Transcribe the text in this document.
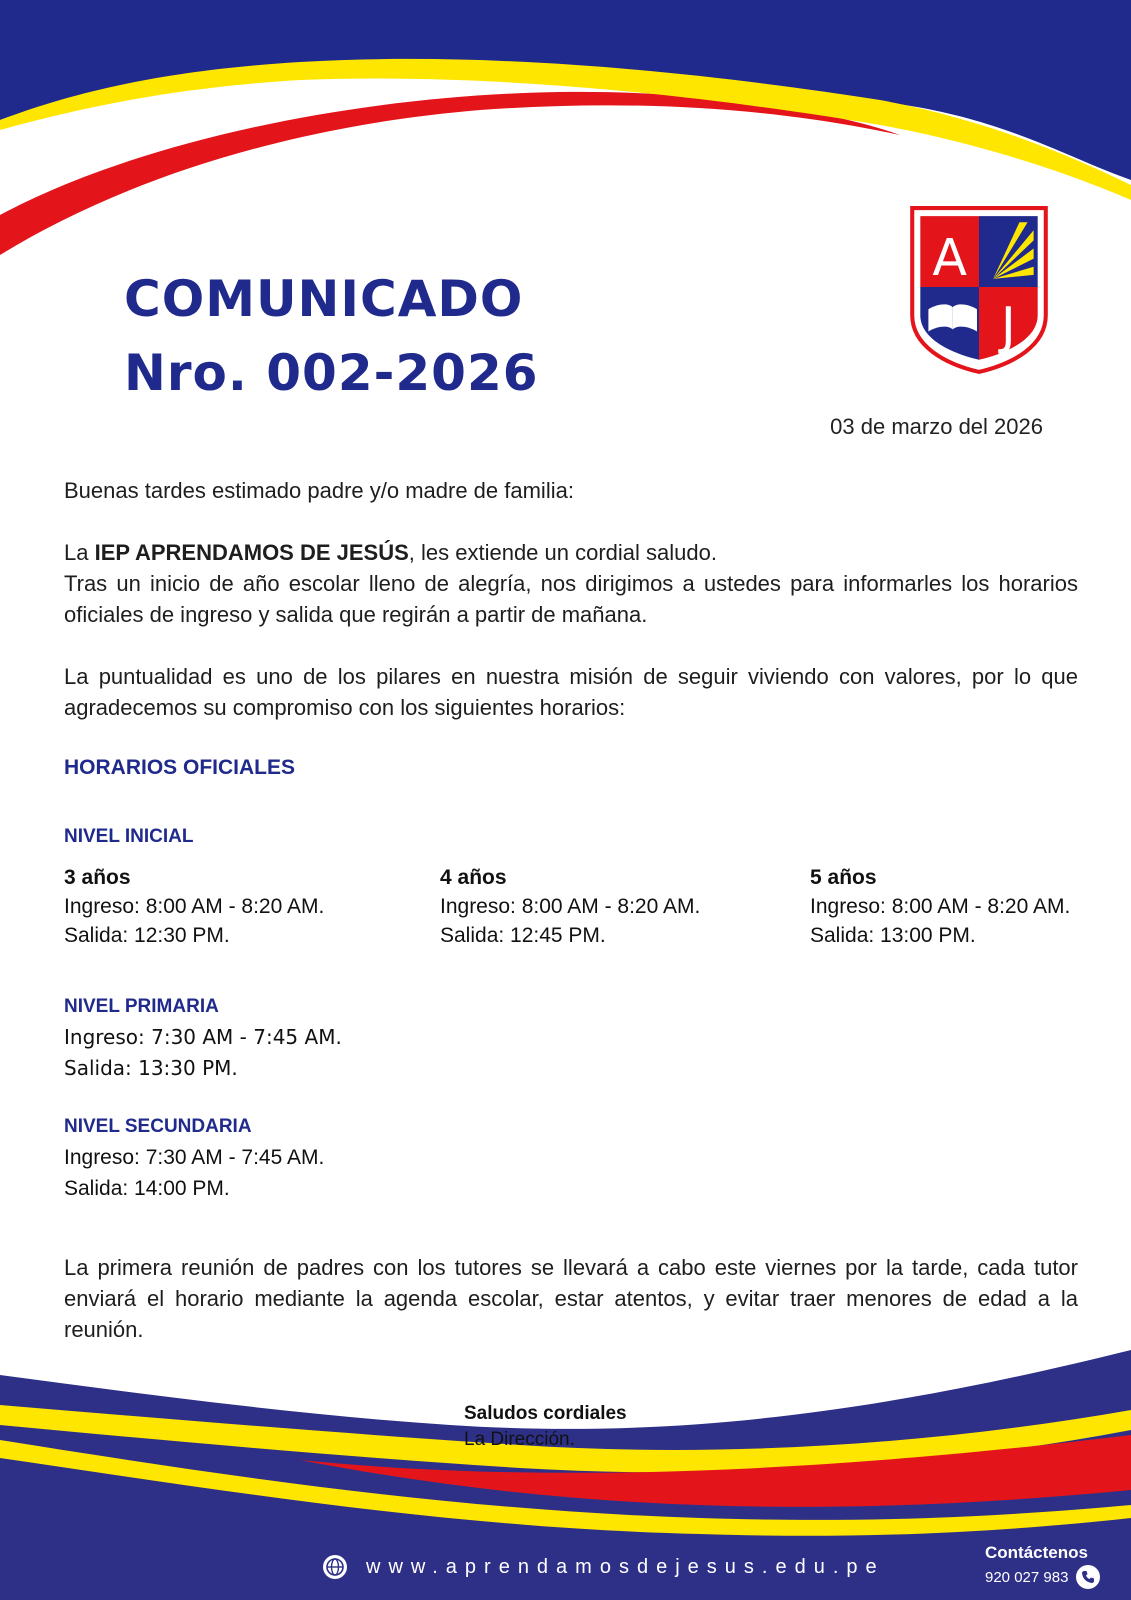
COMUNICADO
Nro. 002-2026
A
J
03 de marzo del 2026
Buenas tardes estimado padre y/o madre de familia:
La IEP APRENDAMOS DE JESÚS, les extiende un cordial saludo.
Tras un inicio de año escolar lleno de alegría, nos dirigimos a ustedes para informarles los horarios oficiales de ingreso y salida que regirán a partir de mañana.
La puntualidad es uno de los pilares en nuestra misión de seguir viviendo con valores, por lo que agradecemos su compromiso con los siguientes horarios:
HORARIOS OFICIALES
NIVEL INICIAL
3 años
Ingreso: 8:00 AM - 8:20 AM.
Salida: 12:30 PM.
4 años
Ingreso: 8:00 AM - 8:20 AM.
Salida: 12:45 PM.
5 años
Ingreso: 8:00 AM - 8:20 AM.
Salida: 13:00 PM.
NIVEL PRIMARIA
Ingreso: 7:30 AM - 7:45 AM.
Salida: 13:30 PM.
NIVEL SECUNDARIA
Ingreso: 7:30 AM - 7:45 AM.
Salida: 14:00 PM.
La primera reunión de padres con los tutores se llevará a cabo este viernes por la tarde, cada tutor enviará el horario mediante la agenda escolar, estar atentos, y evitar traer menores de edad a la reunión.
Saludos cordiales
La Dirección.
www.aprendamosdejesus.edu.pe
Contáctenos
920 027 983
